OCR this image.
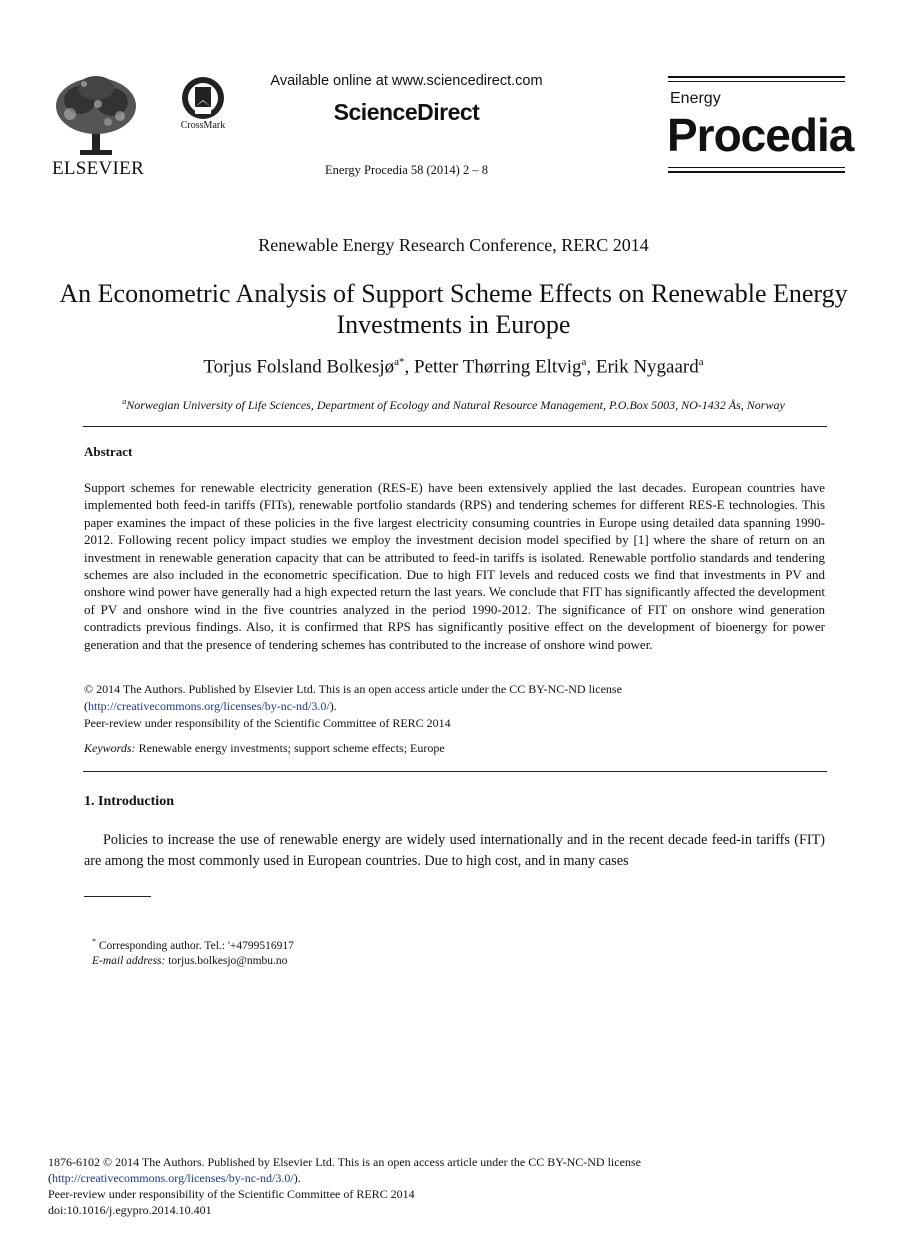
ELSEVIER
CrossMark
Available online at www.sciencedirect.com
ScienceDirect
Energy Procedia 58 (2014) 2 – 8
Energy
Procedia
Renewable Energy Research Conference, RERC 2014
An Econometric Analysis of Support Scheme Effects on Renewable Energy Investments in Europe
Torjus Folsland Bolkesjø$^{a*}$, Petter Thørring Eltvig$^a$, Erik Nygaard$^a$
$^a$Norwegian University of Life Sciences, Department of Ecology and Natural Resource Management, P.O.Box 5003, NO-1432 Ås, Norway
Abstract
Support schemes for renewable electricity generation (RES-E) have been extensively applied the last decades. European countries have implemented both feed-in tariffs (FITs), renewable portfolio standards (RPS) and tendering schemes for different RES-E technologies. This paper examines the impact of these policies in the five largest electricity consuming countries in Europe using detailed data spanning 1990-2012. Following recent policy impact studies we employ the investment decision model specified by [1] where the share of return on an investment in renewable generation capacity that can be attributed to feed-in tariffs is isolated. Renewable portfolio standards and tendering schemes are also included in the econometric specification. Due to high FIT levels and reduced costs we find that investments in PV and onshore wind power have generally had a high expected return the last years. We conclude that FIT has significantly affected the development of PV and onshore wind in the five countries analyzed in the period 1990-2012. The significance of FIT on onshore wind generation contradicts previous findings. Also, it is confirmed that RPS has significantly positive effect on the development of bioenergy for power generation and that the presence of tendering schemes has contributed to the increase of onshore wind power.
© 2014 The Authors. Published by Elsevier Ltd. This is an open access article under the CC BY-NC-ND license
(http://creativecommons.org/licenses/by-nc-nd/3.0/).
Peer-review under responsibility of the Scientific Committee of RERC 2014
Keywords: Renewable energy investments; support scheme effects; Europe
1. Introduction
Policies to increase the use of renewable energy are widely used internationally and in the recent decade feed-in tariffs (FIT) are among the most commonly used in European countries. Due to high cost, and in many cases
* Corresponding author. Tel.: '+4799516917
E-mail address: torjus.bolkesjo@nmbu.no
1876-6102 © 2014 The Authors. Published by Elsevier Ltd. This is an open access article under the CC BY-NC-ND license
(http://creativecommons.org/licenses/by-nc-nd/3.0/).
Peer-review under responsibility of the Scientific Committee of RERC 2014
doi:10.1016/j.egypro.2014.10.401
